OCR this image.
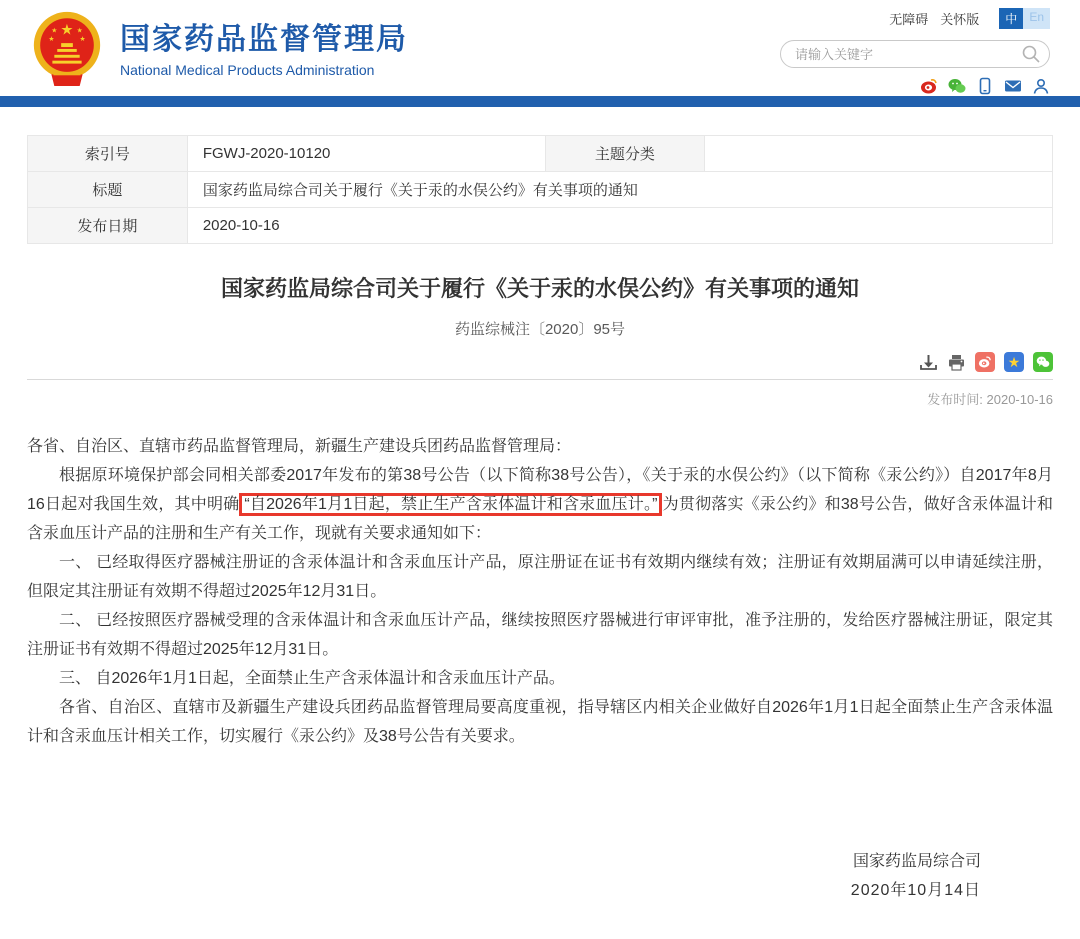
★
★	★
★	★ 国家药品监督管理局
National Medical Products Administration
无障碍 关怀版	中	En
请输入关键字
索引号	FGWJ-2020-10120	主题分类	
标题	国家药监局综合司关于履行《关于汞的水俣公约》有关事项的通知		
发布日期	2020-10-16		
国家药监局综合司关于履行《关于汞的水俣公约》有关事项的通知
药监综械注〔2020〕95号
★
发布时间: 2020-10-16

各省、自治区、直辖市药品监督管理局，新疆生产建设兵团药品监督管理局：

根据原环境保护部会同相关部委2017年发布的第38号公告（以下简称38号公告），《关于汞的水俣公约》（以下简称《汞公约》）自2017年8月16日起对我国生效，其中明确 “自2026年1月1日起，禁止生产含汞体温计和含汞血压计。” 为贯彻落实《汞公约》和38号公告，做好含汞体温计和含汞血压计产品的注册和生产有关工作，现就有关要求通知如下：

一、 已经取得医疗器械注册证的含汞体温计和含汞血压计产品，原注册证在证书有效期内继续有效；注册证有效期届满可以申请延续注册，但限定其注册证有效期不得超过2025年12月31日。

二、 已经按照医疗器械受理的含汞体温计和含汞血压计产品，继续按照医疗器械进行审评审批，准予注册的，发给医疗器械注册证，限定其注册证书有效期不得超过2025年12月31日。

三、 自2026年1月1日起，全面禁止生产含汞体温计和含汞血压计产品。

各省、自治区、直辖市及新疆生产建设兵团药品监督管理局要高度重视，指导辖区内相关企业做好自2026年1月1日起全面禁止生产含汞体温计和含汞血压计相关工作，切实履行《汞公约》及38号公告有关要求。

国家药监局综合司
2020年10月14日
